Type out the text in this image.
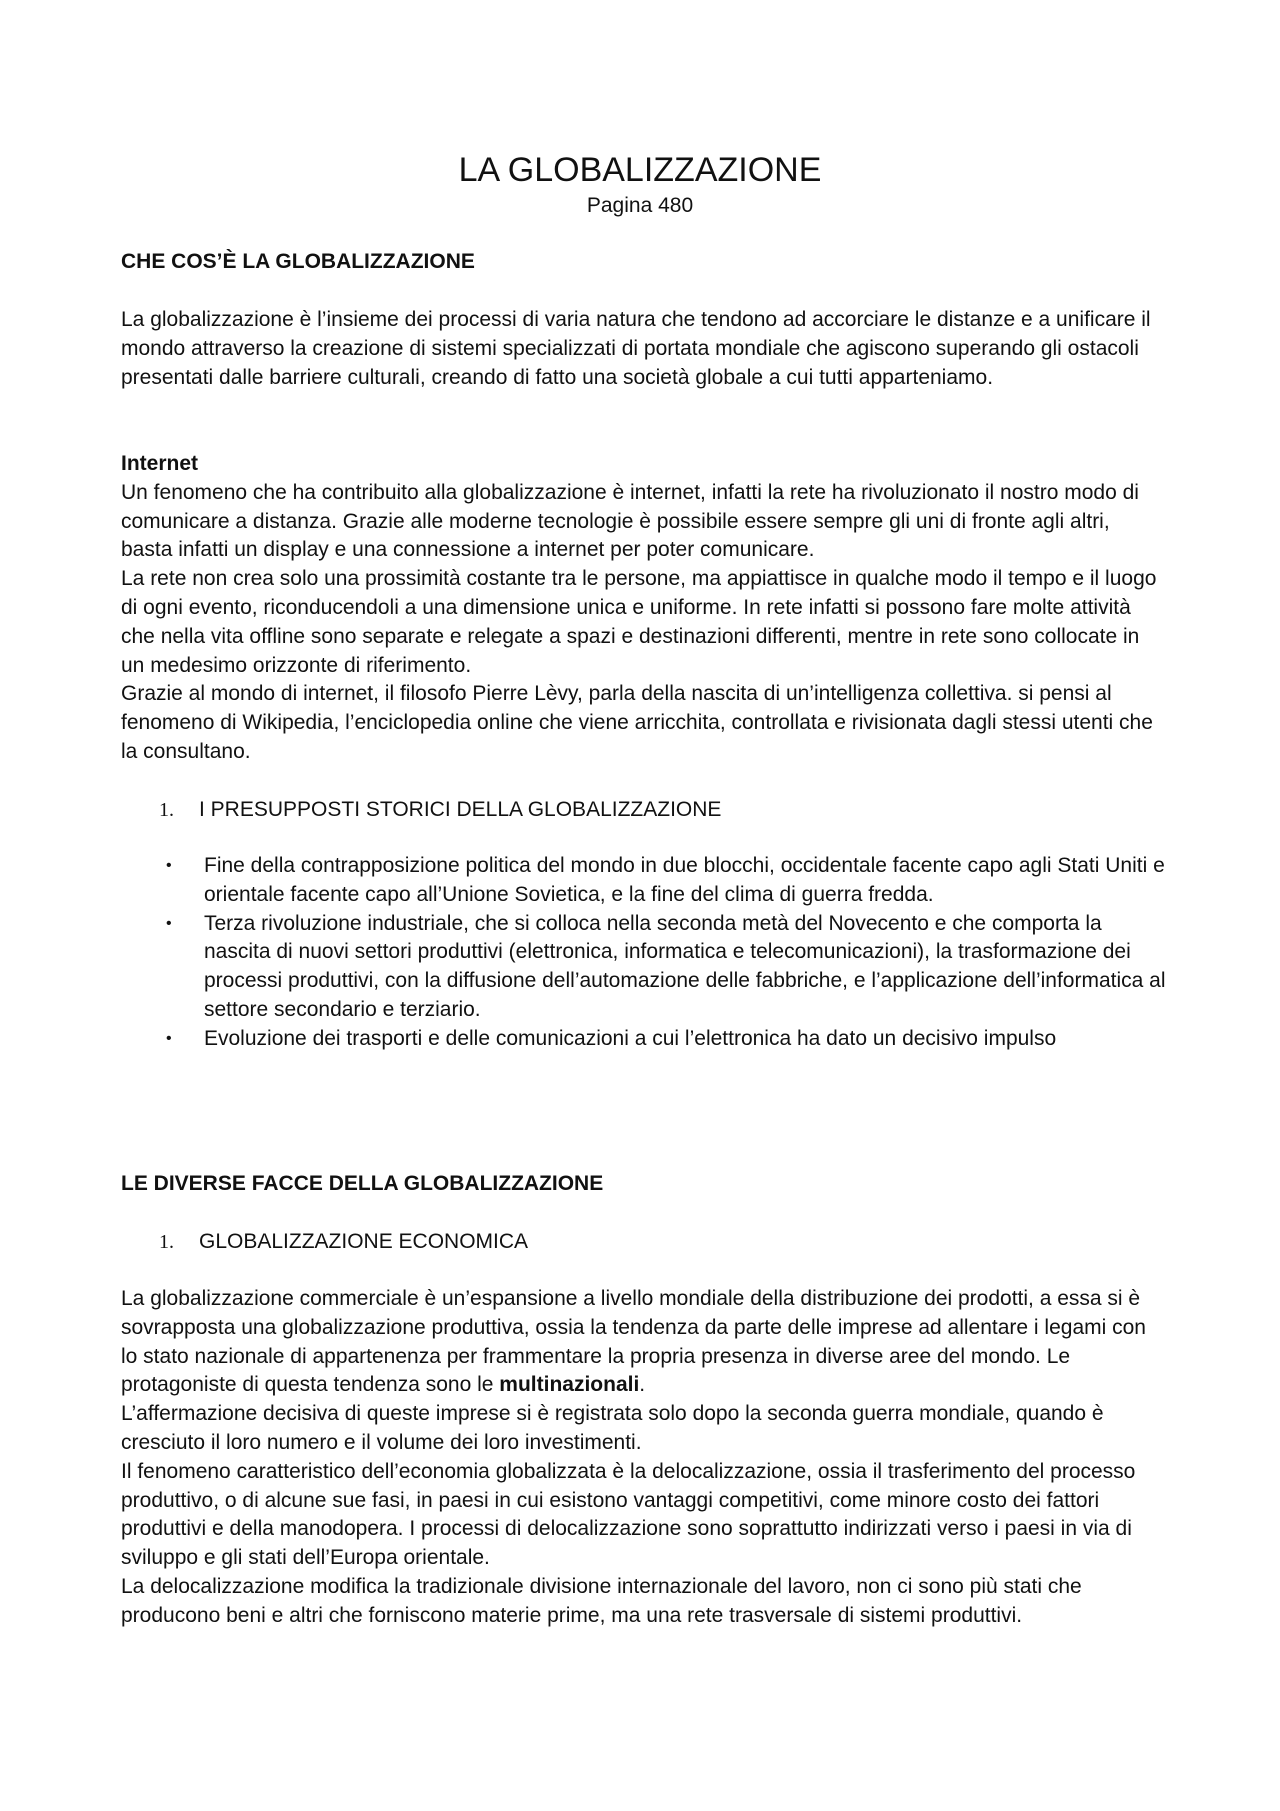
LA GLOBALIZZAZIONE
Pagina 480
CHE COS’È LA GLOBALIZZAZIONE

La globalizzazione è l’insieme dei processi di varia natura che tendono ad accorciare le distanze e a unificare il mondo attraverso la creazione di sistemi specializzati di portata mondiale che agiscono superando gli ostacoli presentati dalle barriere culturali, creando di fatto una società globale a cui tutti apparteniamo.

Internet

Un fenomeno che ha contribuito alla globalizzazione è internet, infatti la rete ha rivoluzionato il nostro modo di comunicare a distanza. Grazie alle moderne tecnologie è possibile essere sempre gli uni di fronte agli altri, basta infatti un display e una connessione a internet per poter comunicare.

La rete non crea solo una prossimità costante tra le persone, ma appiattisce in qualche modo il tempo e il luogo di ogni evento, riconducendoli a una dimensione unica e uniforme. In rete infatti si possono fare molte attività che nella vita offline sono separate e relegate a spazi e destinazioni differenti, mentre in rete sono collocate in un medesimo orizzonte di riferimento.

Grazie al mondo di internet, il filosofo Pierre Lèvy, parla della nascita di un’intelligenza collettiva. si pensi al fenomeno di Wikipedia, l’enciclopedia online che viene arricchita, controllata e rivisionata dagli stessi utenti che la consultano.

1. I PRESUPPOSTI STORICI DELLA GLOBALIZZAZIONE
• Fine della contrapposizione politica del mondo in due blocchi, occidentale facente capo agli Stati Uniti e orientale facente capo all’Unione Sovietica, e la fine del clima di guerra fredda.
• Terza rivoluzione industriale, che si colloca nella seconda metà del Novecento e che comporta la nascita di nuovi settori produttivi (elettronica, informatica e telecomunicazioni), la trasformazione dei processi produttivi, con la diffusione dell’automazione delle fabbriche, e l’applicazione dell’informatica al settore secondario e terziario.
• Evoluzione dei trasporti e delle comunicazioni a cui l’elettronica ha dato un decisivo impulso
LE DIVERSE FACCE DELLA GLOBALIZZAZIONE
1. GLOBALIZZAZIONE ECONOMICA

La globalizzazione commerciale è un’espansione a livello mondiale della distribuzione dei prodotti, a essa si è sovrapposta una globalizzazione produttiva, ossia la tendenza da parte delle imprese ad allentare i legami con lo stato nazionale di appartenenza per frammentare la propria presenza in diverse aree del mondo. Le protagoniste di questa tendenza sono le multinazionali.

L’affermazione decisiva di queste imprese si è registrata solo dopo la seconda guerra mondiale, quando è cresciuto il loro numero e il volume dei loro investimenti.

Il fenomeno caratteristico dell’economia globalizzata è la delocalizzazione, ossia il trasferimento del processo produttivo, o di alcune sue fasi, in paesi in cui esistono vantaggi competitivi, come minore costo dei fattori produttivi e della manodopera. I processi di delocalizzazione sono soprattutto indirizzati verso i paesi in via di sviluppo e gli stati dell’Europa orientale.

La delocalizzazione modifica la tradizionale divisione internazionale del lavoro, non ci sono più stati che producono beni e altri che forniscono materie prime, ma una rete trasversale di sistemi produttivi.
